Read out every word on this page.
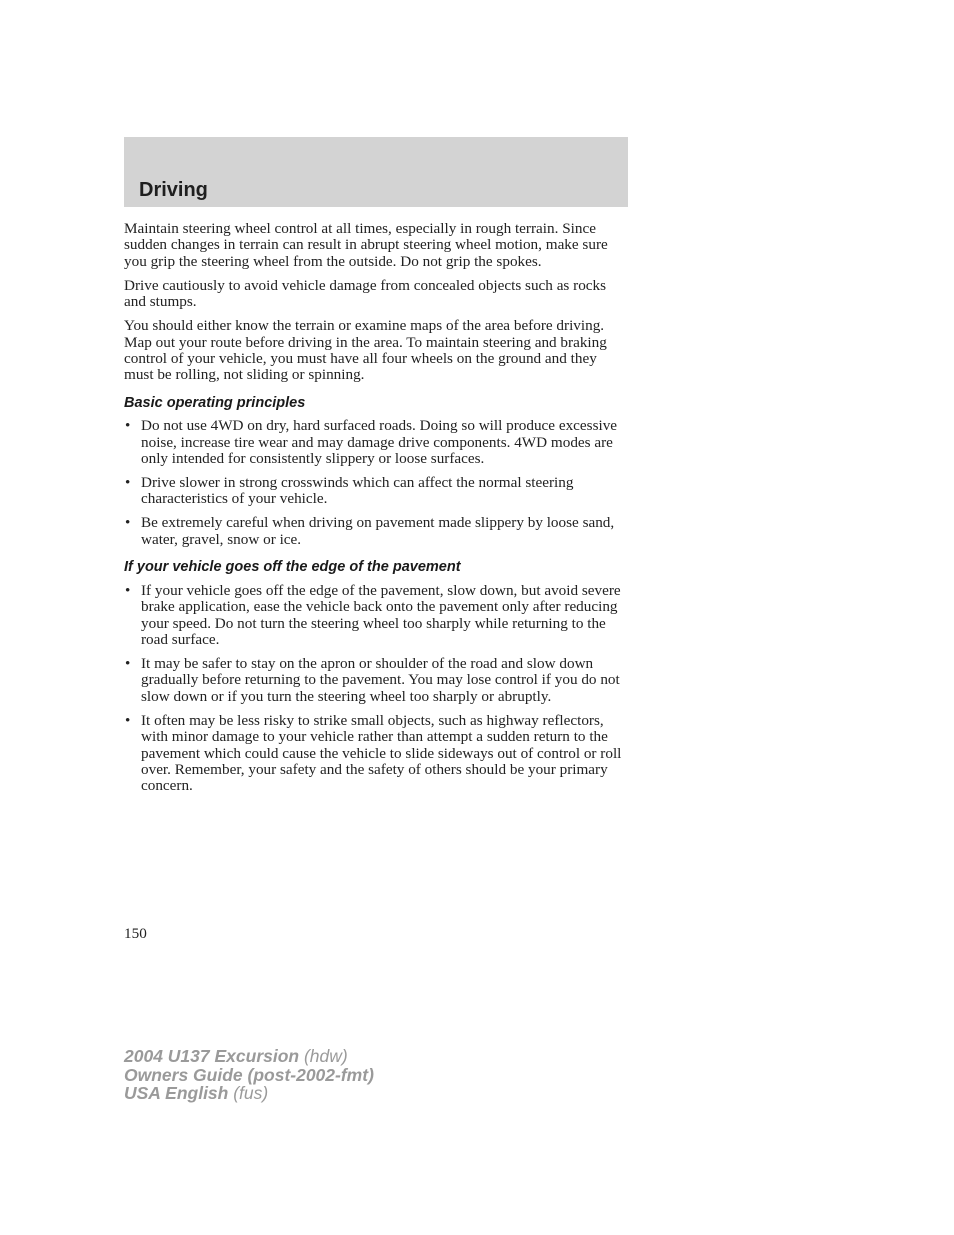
Driving

Maintain steering wheel control at all times, especially in rough terrain. Since sudden changes in terrain can result in abrupt steering wheel motion, make sure you grip the steering wheel from the outside. Do not grip the spokes.

Drive cautiously to avoid vehicle damage from concealed objects such as rocks and stumps.

You should either know the terrain or examine maps of the area before driving. Map out your route before driving in the area. To maintain steering and braking control of your vehicle, you must have all four wheels on the ground and they must be rolling, not sliding or spinning.

Basic operating principles
• Do not use 4WD on dry, hard surfaced roads. Doing so will produce excessive noise, increase tire wear and may damage drive components. 4WD modes are only intended for consistently slippery or loose surfaces.
• Drive slower in strong crosswinds which can affect the normal steering characteristics of your vehicle.
• Be extremely careful when driving on pavement made slippery by loose sand, water, gravel, snow or ice.
If your vehicle goes off the edge of the pavement
• If your vehicle goes off the edge of the pavement, slow down, but avoid severe brake application, ease the vehicle back onto the pavement only after reducing your speed. Do not turn the steering wheel too sharply while returning to the road surface.
• It may be safer to stay on the apron or shoulder of the road and slow down gradually before returning to the pavement. You may lose control if you do not slow down or if you turn the steering wheel too sharply or abruptly.
• It often may be less risky to strike small objects, such as highway reflectors, with minor damage to your vehicle rather than attempt a sudden return to the pavement which could cause the vehicle to slide sideways out of control or roll over. Remember, your safety and the safety of others should be your primary concern.

150

2004 U137 Excursion (hdw)
Owners Guide (post-2002-fmt)
USA English (fus)
